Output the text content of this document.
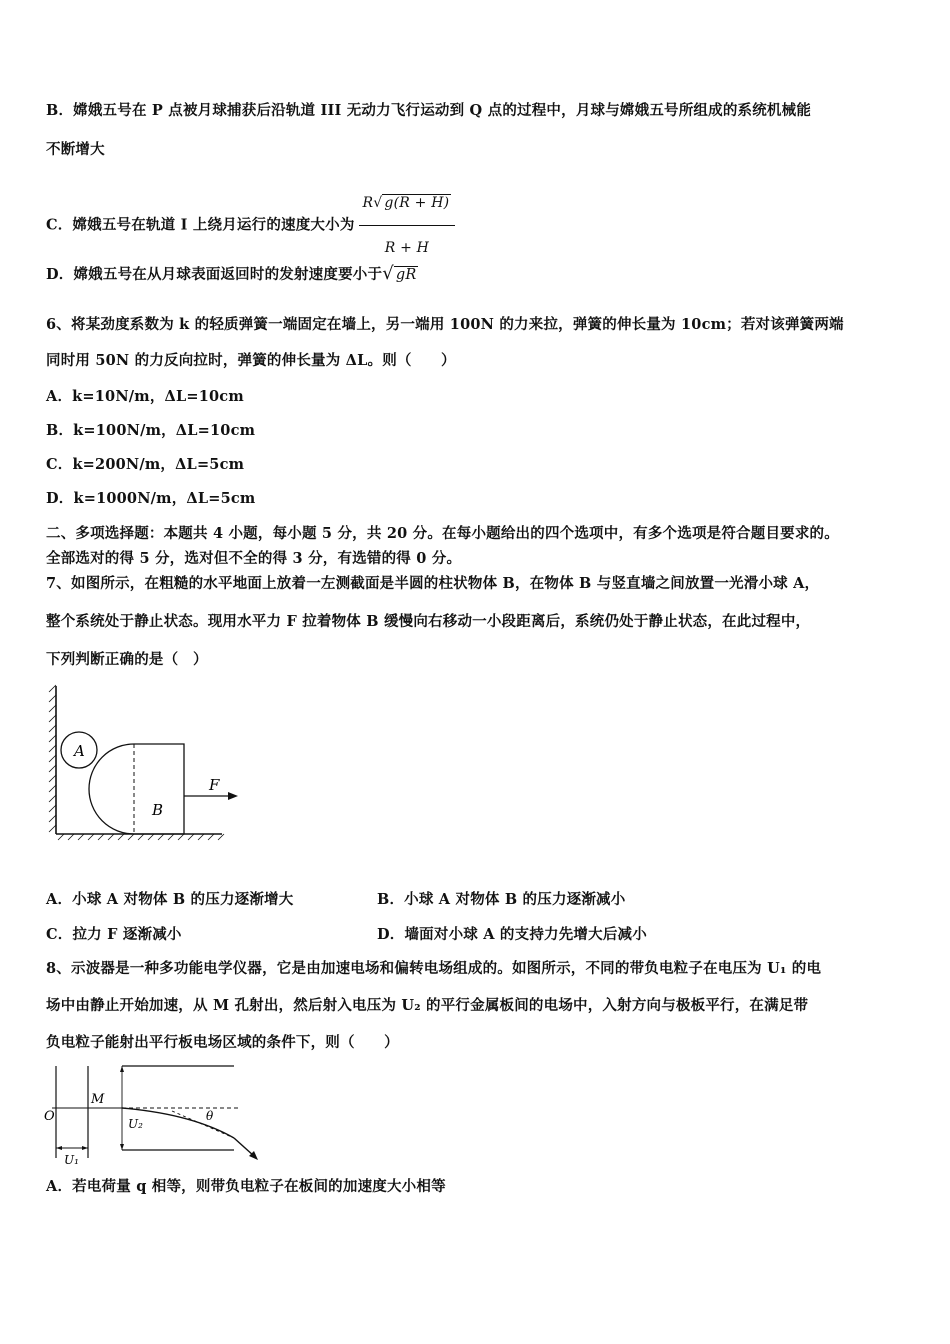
B．嫦娥五号在 P 点被月球捕获后沿轨道 III 无动力飞行运动到 Q 点的过程中，月球与嫦娥五号所组成的系统机械能
不断增大
C．嫦娥五号在轨道 I 上绕月运行的速度大小为 $\frac{R√ g(R + H)}{R + H}$
D．嫦娥五号在从月球表面返回时的发射速度要小于√ gR
6、将某劲度系数为 k 的轻质弹簧一端固定在墙上，另一端用 100N 的力来拉，弹簧的伸长量为 10cm；若对该弹簧两端
同时用 50N 的力反向拉时，弹簧的伸长量为 ΔL。则（　　）
A．k=10N/m，ΔL=10cm
B．k=100N/m，ΔL=10cm
C．k=200N/m，ΔL=5cm
D．k=1000N/m，ΔL=5cm
二、多项选择题：本题共 4 小题，每小题 5 分，共 20 分。在每小题给出的四个选项中，有多个选项是符合题目要求的。
全部选对的得 5 分，选对但不全的得 3 分，有选错的得 0 分。
7、如图所示，在粗糙的水平地面上放着一左测截面是半圆的柱状物体 B，在物体 B 与竖直墙之间放置一光滑小球 A，
整个系统处于静止状态。现用水平力 F 拉着物体 B 缓慢向右移动一小段距离后，系统仍处于静止状态，在此过程中，
下列判断正确的是（　）
A
B
F
A．小球 A 对物体 B 的压力逐渐增大	B．小球 A 对物体 B 的压力逐渐减小
C．拉力 F 逐渐减小	D．墙面对小球 A 的支持力先增大后减小
8、示波器是一种多功能电学仪器，它是由加速电场和偏转电场组成的。如图所示，不同的带负电粒子在电压为 U₁ 的电
场中由静止开始加速，从 M 孔射出，然后射入电压为 U₂ 的平行金属板间的电场中，入射方向与极板平行，在满足带
负电粒子能射出平行板电场区域的条件下，则（　　）
O
M
U₁
U₂
θ
A．若电荷量 q 相等，则带负电粒子在板间的加速度大小相等
